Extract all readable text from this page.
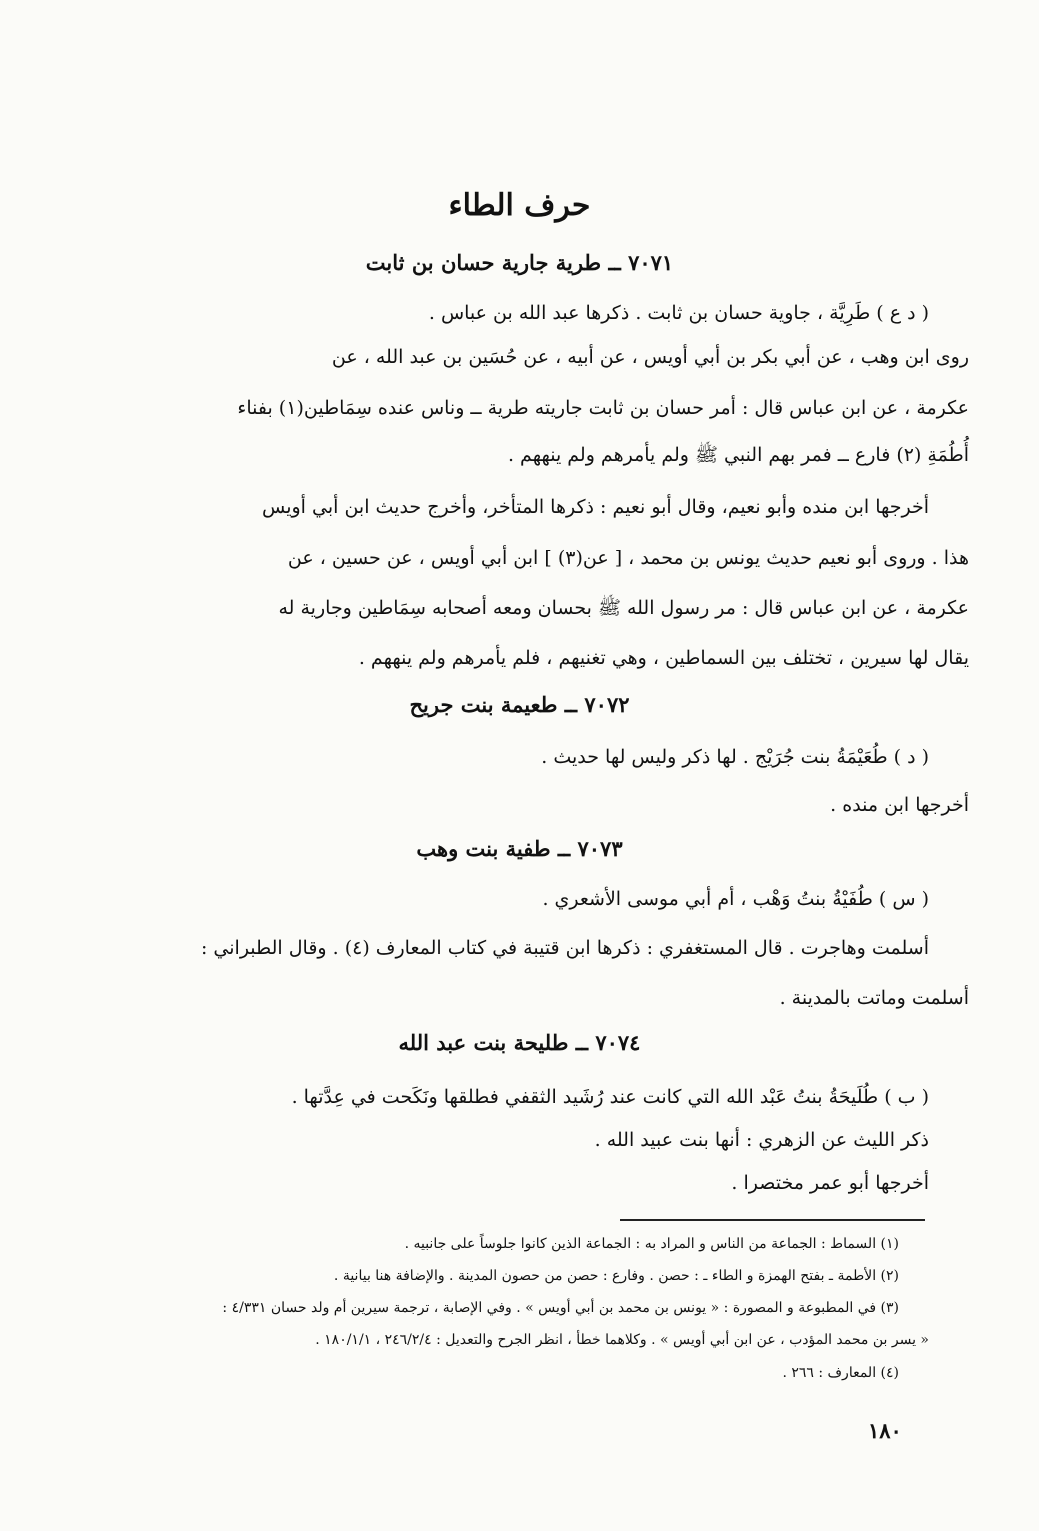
حرف الطاء
٧٠٧١ ــ طرية جارية حسان بن ثابت
( د ع ) طَرِيَّة ، جاوية حسان بن ثابت . ذكرها عبد الله بن عباس .
روى ابن وهب ، عن أبي بكر بن أبي أويس ، عن أبيه ، عن حُسَين بن عبد الله ، عن
عكرمة ، عن ابن عباس قال : أمر حسان بن ثابت جاريته طرية ــ وناس عنده سِمَاطين(١) بفناء
أُطُمَةِ (٢) فارع ــ فمر بهم النبي ﷺ ولم يأمرهم ولم ينههم .
أخرجها ابن منده وأبو نعيم، وقال أبو نعيم : ذكرها المتأخر، وأخرج حديث ابن أبي أويس
هذا . وروى أبو نعيم حديث يونس بن محمد ، [ عن(٣) ] ابن أبي أويس ، عن حسين ، عن
عكرمة ، عن ابن عباس قال : مر رسول الله ﷺ بحسان ومعه أصحابه سِمَاطين وجارية له
يقال لها سيرين ، تختلف بين السماطين ، وهي تغنيهم ، فلم يأمرهم ولم ينههم .
٧٠٧٢ ــ طعيمة بنت جريح
( د ) طُعَيْمَةُ بنت جُرَيْج . لها ذكر وليس لها حديث .
أخرجها ابن منده .
٧٠٧٣ ــ طفية بنت وهب
( س ) طُفَيْةُ بنتُ وَهْب ، أم أبي موسى الأشعري .
أسلمت وهاجرت . قال المستغفري : ذكرها ابن قتيبة في كتاب المعارف (٤) . وقال الطبراني :
أسلمت وماتت بالمدينة .
٧٠٧٤ ــ طليحة بنت عبد الله
( ب ) طُلَيحَةُ بنتُ عَبْد الله التي كانت عند رُشَيد الثقفي فطلقها ونَكَحت في عِدَّتها .
ذكر الليث عن الزهري : أنها بنت عبيد الله .
أخرجها أبو عمر مختصرا .
(١) السماط : الجماعة من الناس و المراد به : الجماعة الذين كانوا جلوساً على جانبيه .
(٢) الأطمة ـ بفتح الهمزة و الطاء ـ : حصن . وفارع : حصن من حصون المدينة . والإضافة هنا بيانية .
(٣) في المطبوعة و المصورة : « يونس بن محمد بن أبي أويس » . وفي الإصابة ، ترجمة سيرين أم ولد حسان ٤/٣٣١ :
« يسر بن محمد المؤدب ، عن ابن أبي أويس » . وكلاهما خطأ ، انظر الجرح والتعديل : ٢٤٦/٢/٤ ، ١٨٠/١/١ .
(٤) المعارف : ٢٦٦ .
١٨٠
